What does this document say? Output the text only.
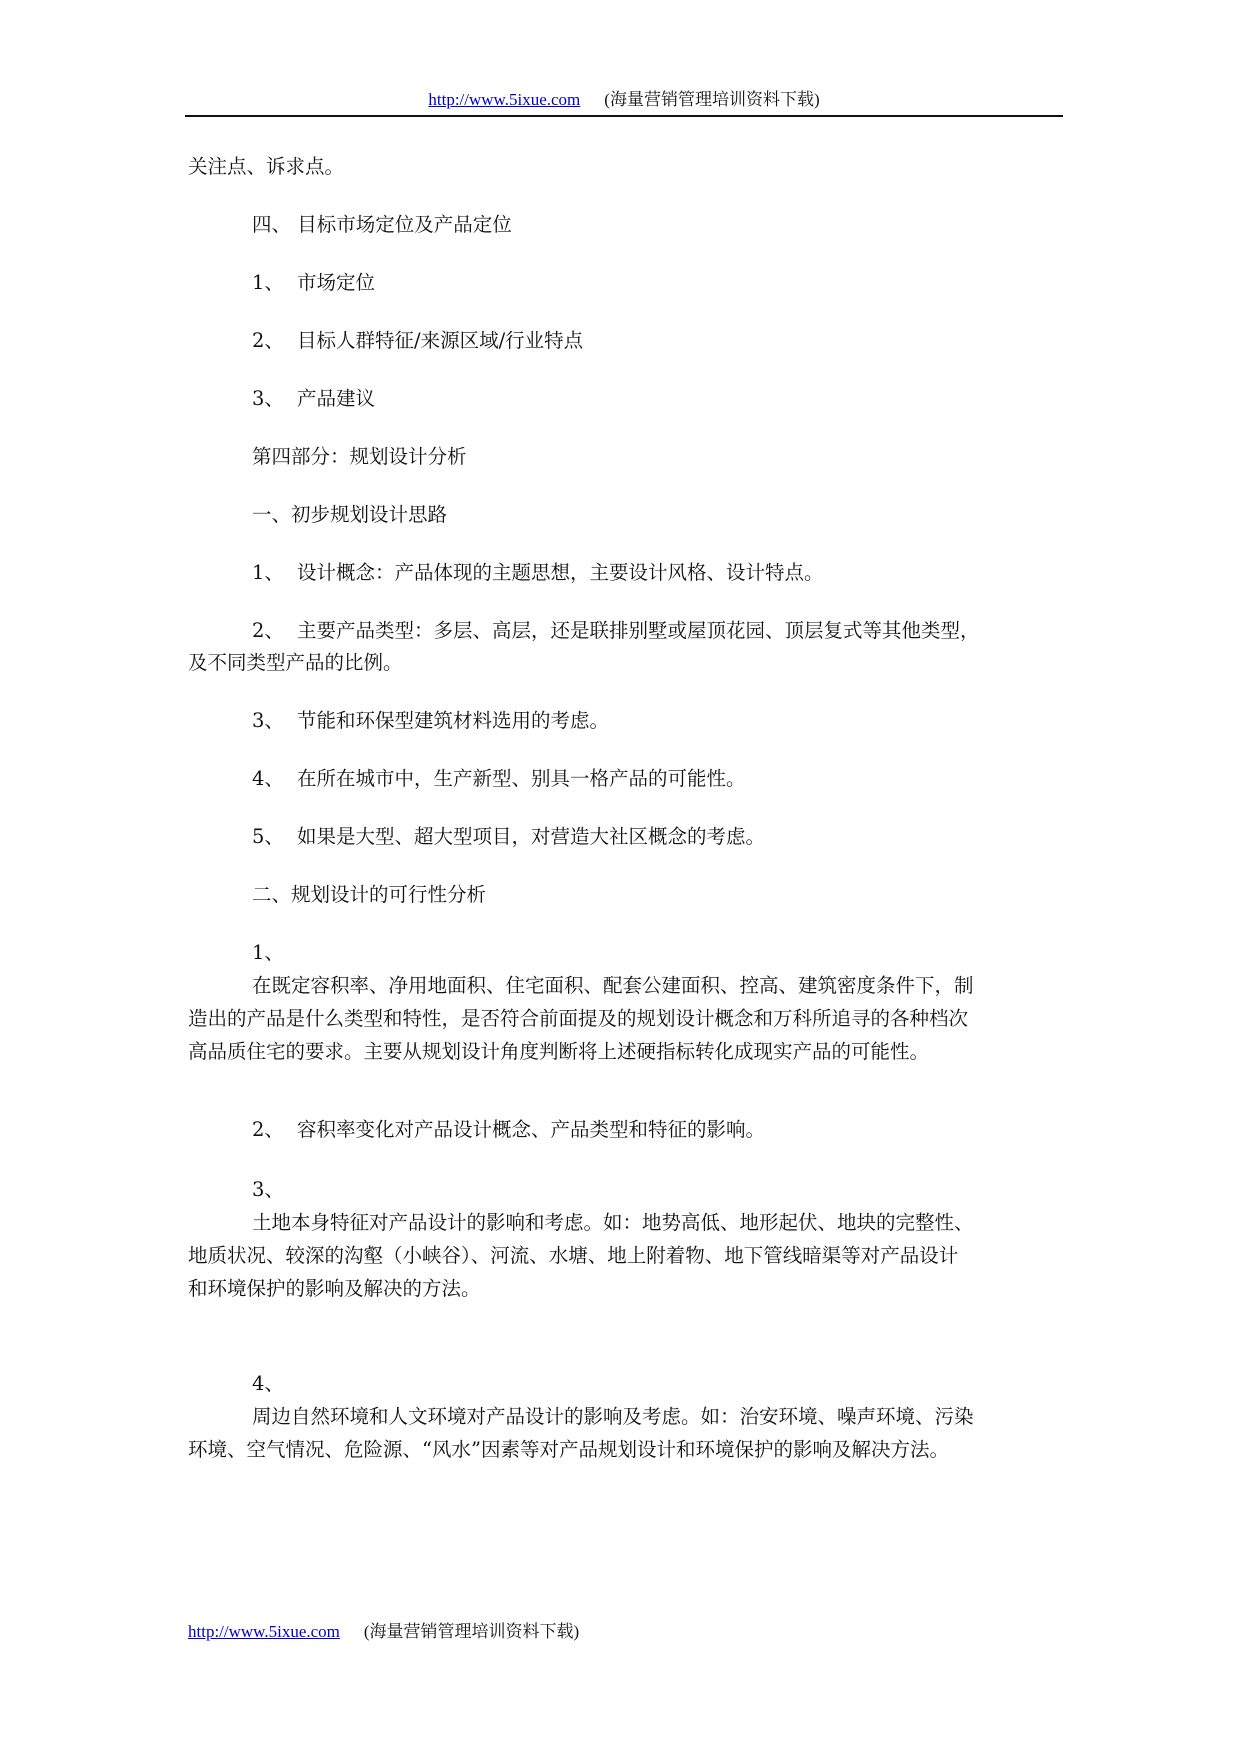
http://www.5ixue.com (海量营销管理培训资料下载)
关注点、诉求点。
四、 目标市场定位及产品定位
1、 市场定位
2、 目标人群特征/来源区域/行业特点
3、 产品建议
第四部分：规划设计分析
一、初步规划设计思路
1、 设计概念：产品体现的主题思想，主要设计风格、设计特点。
2、 主要产品类型：多层、高层，还是联排别墅或屋顶花园、顶层复式等其他类型，
及不同类型产品的比例。
3、 节能和环保型建筑材料选用的考虑。
4、 在所在城市中，生产新型、别具一格产品的可能性。
5、 如果是大型、超大型项目，对营造大社区概念的考虑。
二、规划设计的可行性分析
1、
在既定容积率、净用地面积、住宅面积、配套公建面积、控高、建筑密度条件下，制
造出的产品是什么类型和特性，是否符合前面提及的规划设计概念和万科所追寻的各种档次
高品质住宅的要求。主要从规划设计角度判断将上述硬指标转化成现实产品的可能性。
2、 容积率变化对产品设计概念、产品类型和特征的影响。
3、
土地本身特征对产品设计的影响和考虑。如：地势高低、地形起伏、地块的完整性、
地质状况、较深的沟壑（小峡谷）、河流、水塘、地上附着物、地下管线暗渠等对产品设计
和环境保护的影响及解决的方法。
4、
周边自然环境和人文环境对产品设计的影响及考虑。如：治安环境、噪声环境、污染
环境、空气情况、危险源、“风水”因素等对产品规划设计和环境保护的影响及解决方法。
http://www.5ixue.com (海量营销管理培训资料下载)
